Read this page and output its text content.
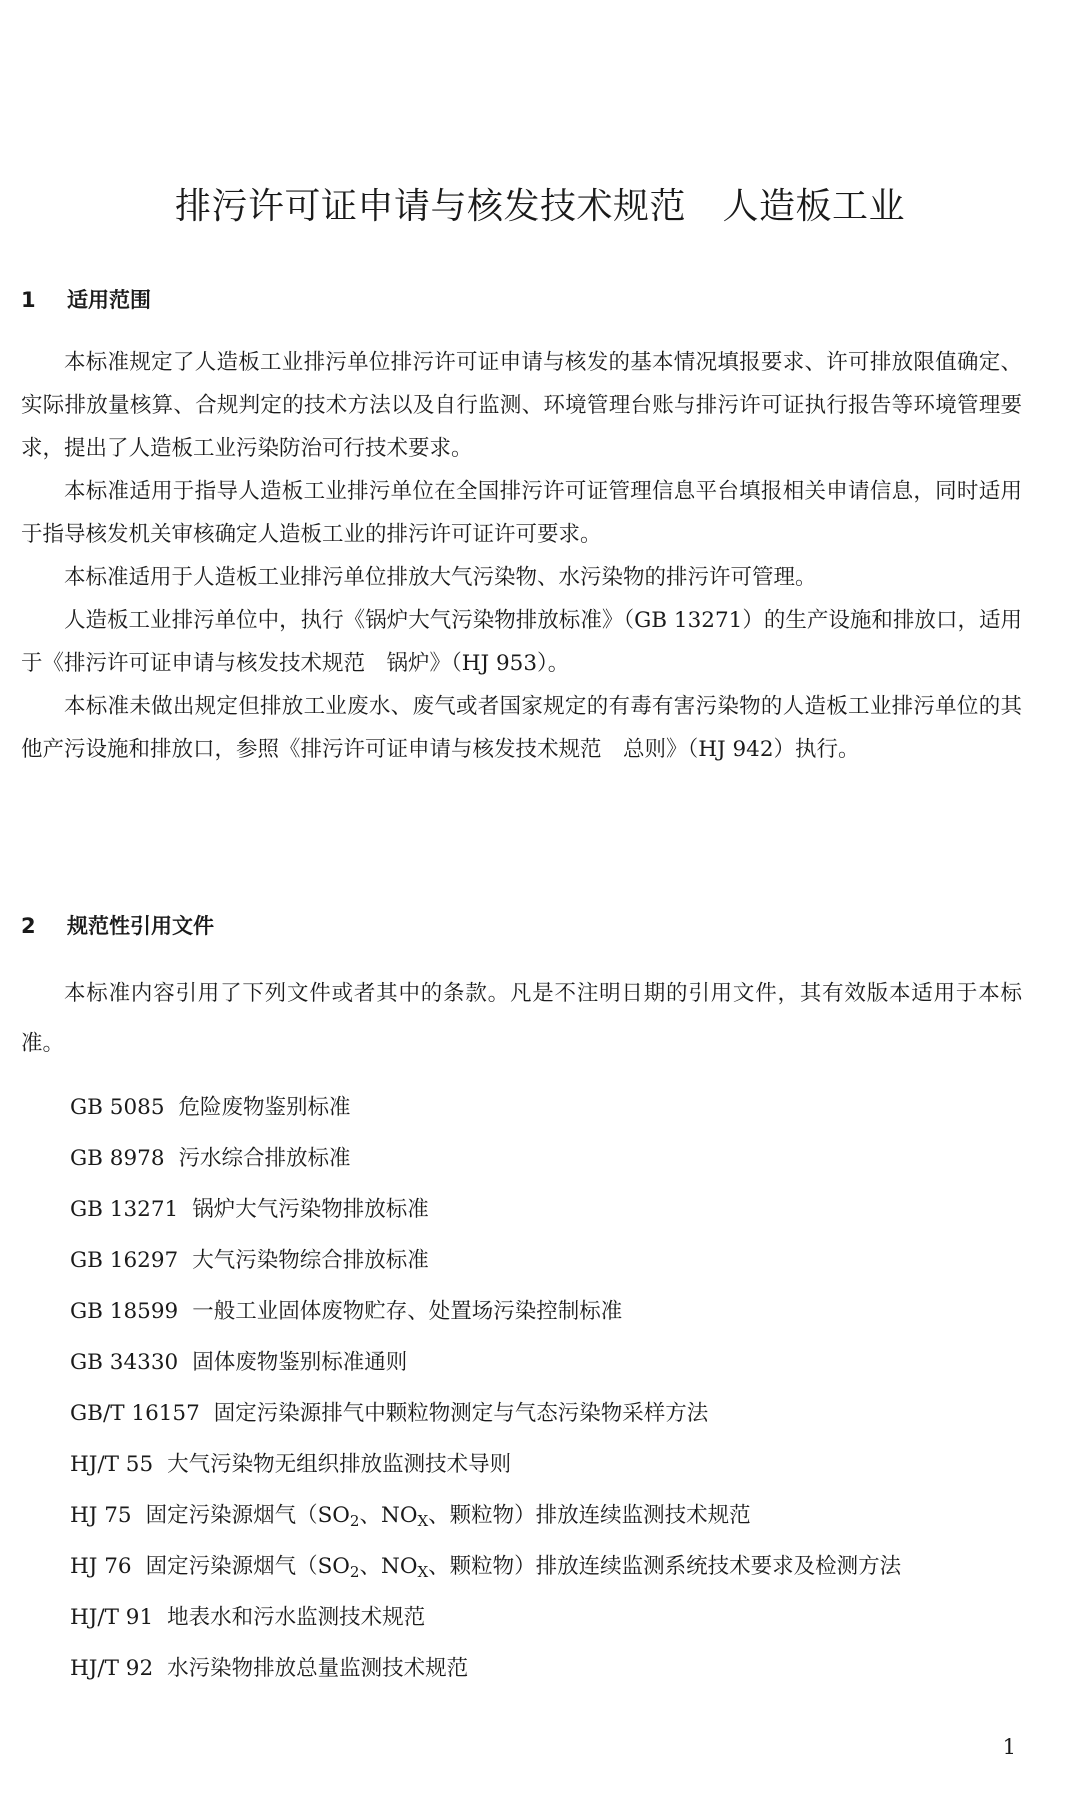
排污许可证申请与核发技术规范　人造板工业
1 适用范围

本标准规定了人造板工业排污单位排污许可证申请与核发的基本情况填报要求、许可排放限值确定、实际排放量核算、合规判定的技术方法以及自行监测、环境管理台账与排污许可证执行报告等环境管理要求，提出了人造板工业污染防治可行技术要求。

本标准适用于指导人造板工业排污单位在全国排污许可证管理信息平台填报相关申请信息，同时适用于指导核发机关审核确定人造板工业的排污许可证许可要求。

本标准适用于人造板工业排污单位排放大气污染物、水污染物的排污许可管理。

人造板工业排污单位中，执行《锅炉大气污染物排放标准》（GB 13271）的生产设施和排放口，适用于《排污许可证申请与核发技术规范　锅炉》（HJ 953）。

本标准未做出规定但排放工业废水、废气或者国家规定的有毒有害污染物的人造板工业排污单位的其他产污设施和排放口，参照《排污许可证申请与核发技术规范　总则》（HJ 942）执行。

2 规范性引用文件

本标准内容引用了下列文件或者其中的条款。凡是不注明日期的引用文件，其有效版本适用于本标准。

GB 5085 危险废物鉴别标准
GB 8978 污水综合排放标准
GB 13271 锅炉大气污染物排放标准
GB 16297 大气污染物综合排放标准
GB 18599 一般工业固体废物贮存、处置场污染控制标准
GB 34330 固体废物鉴别标准通则
GB/T 16157 固定污染源排气中颗粒物测定与气态污染物采样方法
HJ/T 55 大气污染物无组织排放监测技术导则
HJ 75 固定污染源烟气（$SO_2$、$NO_X$、颗粒物）排放连续监测技术规范
HJ 76 固定污染源烟气（$SO_2$、$NO_X$、颗粒物）排放连续监测系统技术要求及检测方法
HJ/T 91 地表水和污水监测技术规范
HJ/T 92 水污染物排放总量监测技术规范
1
